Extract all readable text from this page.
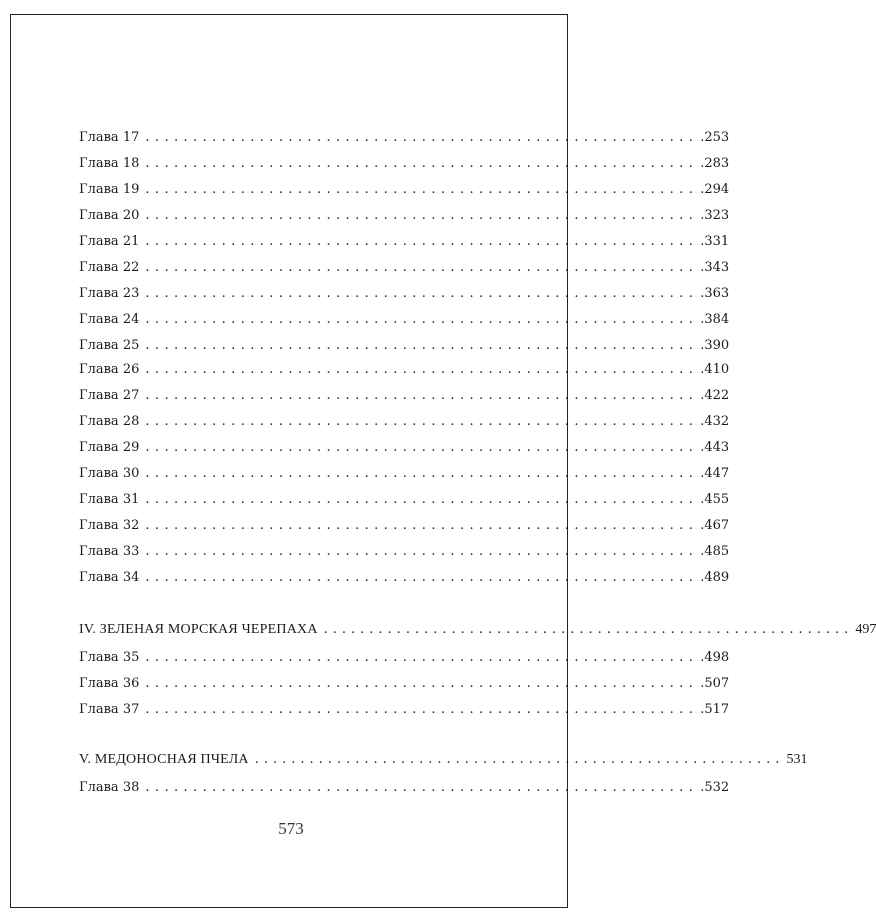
Глава 17 .......................................................... .253
Глава 18 .......................................................... .283
Глава 19 .......................................................... .294
Глава 20 .......................................................... .323
Глава 21 .......................................................... .331
Глава 22 .......................................................... .343
Глава 23 .......................................................... .363
Глава 24 .......................................................... .384
Глава 25 .......................................................... .390
Глава 26 .......................................................... .410
Глава 27 .......................................................... .422
Глава 28 .......................................................... .432
Глава 29 .......................................................... .443
Глава 30 .......................................................... .447
Глава 31 .......................................................... .455
Глава 32 .......................................................... .467
Глава 33 .......................................................... .485
Глава 34 .......................................................... .489
IV. ЗЕЛЕНАЯ МОРСКАЯ ЧЕРЕПАХА .......................................................... 497
Глава 35 .......................................................... .498
Глава 36 .......................................................... .507
Глава 37 .......................................................... .517
V. МЕДОНОСНАЯ ПЧЕЛА .......................................................... 531
Глава 38 .......................................................... .532
573
